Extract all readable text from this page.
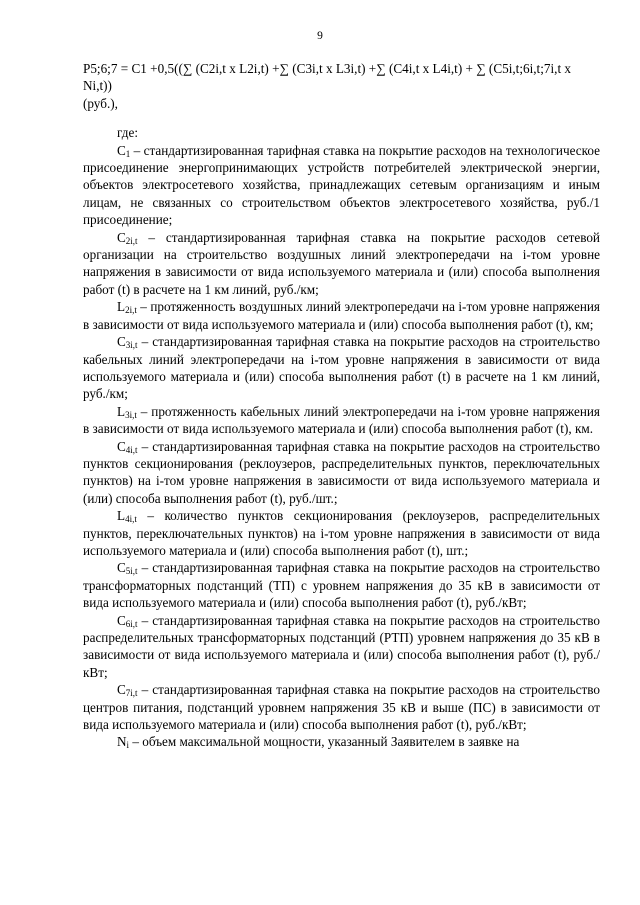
9
P5;6;7 = C1 +0,5((∑ (C2i,t x L2i,t) +∑ (C3i,t x L3i,t) +∑ (C4i,t x L4i,t) + ∑ (C5i,t;6i,t;7i,t x Ni,t))
(руб.),

где:

$C_1$ – стандартизированная тарифная ставка на покрытие расходов на технологическое присоединение энергопринимающих устройств потребителей электрической энергии, объектов электросетевого хозяйства, принадлежащих сетевым организациям и иным лицам, не связанных со строительством объектов электросетевого хозяйства, руб./1 присоединение;

$C_{2i,t}$ – стандартизированная тарифная ставка на покрытие расходов сетевой организации на строительство воздушных линий электропередачи на i-том уровне напряжения в зависимости от вида используемого материала и (или) способа выполнения работ (t) в расчете на 1 км линий, руб./км;

$L_{2i,t}$ – протяженность воздушных линий электропередачи на i-том уровне напряжения в зависимости от вида используемого материала и (или) способа выполнения работ (t), км;

$C_{3i,t}$ – стандартизированная тарифная ставка на покрытие расходов на строительство кабельных линий электропередачи на i-том уровне напряжения в зависимости от вида используемого материала и (или) способа выполнения работ (t) в расчете на 1 км линий, руб./км;

$L_{3i,t}$ – протяженность кабельных линий электропередачи на i-том уровне напряжения в зависимости от вида используемого материала и (или) способа выполнения работ (t), км.

$C_{4i,t}$ – стандартизированная тарифная ставка на покрытие расходов на строительство пунктов секционирования (реклоузеров, распределительных пунктов, переключательных пунктов) на i-том уровне напряжения в зависимости от вида используемого материала и (или) способа выполнения работ (t), руб./шт.;

$L_{4i,t}$ – количество пунктов секционирования (реклоузеров, распределительных пунктов, переключательных пунктов) на i-том уровне напряжения в зависимости от вида используемого материала и (или) способа выполнения работ (t), шт.;

$C_{5i,t}$ – стандартизированная тарифная ставка на покрытие расходов на строительство трансформаторных подстанций (ТП) с уровнем напряжения до 35 кВ в зависимости от вида используемого материала и (или) способа выполнения работ (t), руб./кВт;

$C_{6i,t}$ – стандартизированная тарифная ставка на покрытие расходов на строительство распределительных трансформаторных подстанций (РТП) уровнем напряжения до 35 кВ в зависимости от вида используемого материала и (или) способа выполнения работ (t), руб./кВт;

$C_{7i,t}$ – стандартизированная тарифная ставка на покрытие расходов на строительство центров питания, подстанций уровнем напряжения 35 кВ и выше (ПС) в зависимости от вида используемого материала и (или) способа выполнения работ (t), руб./кВт;

$N_i$ – объем максимальной мощности, указанный Заявителем в заявке на
